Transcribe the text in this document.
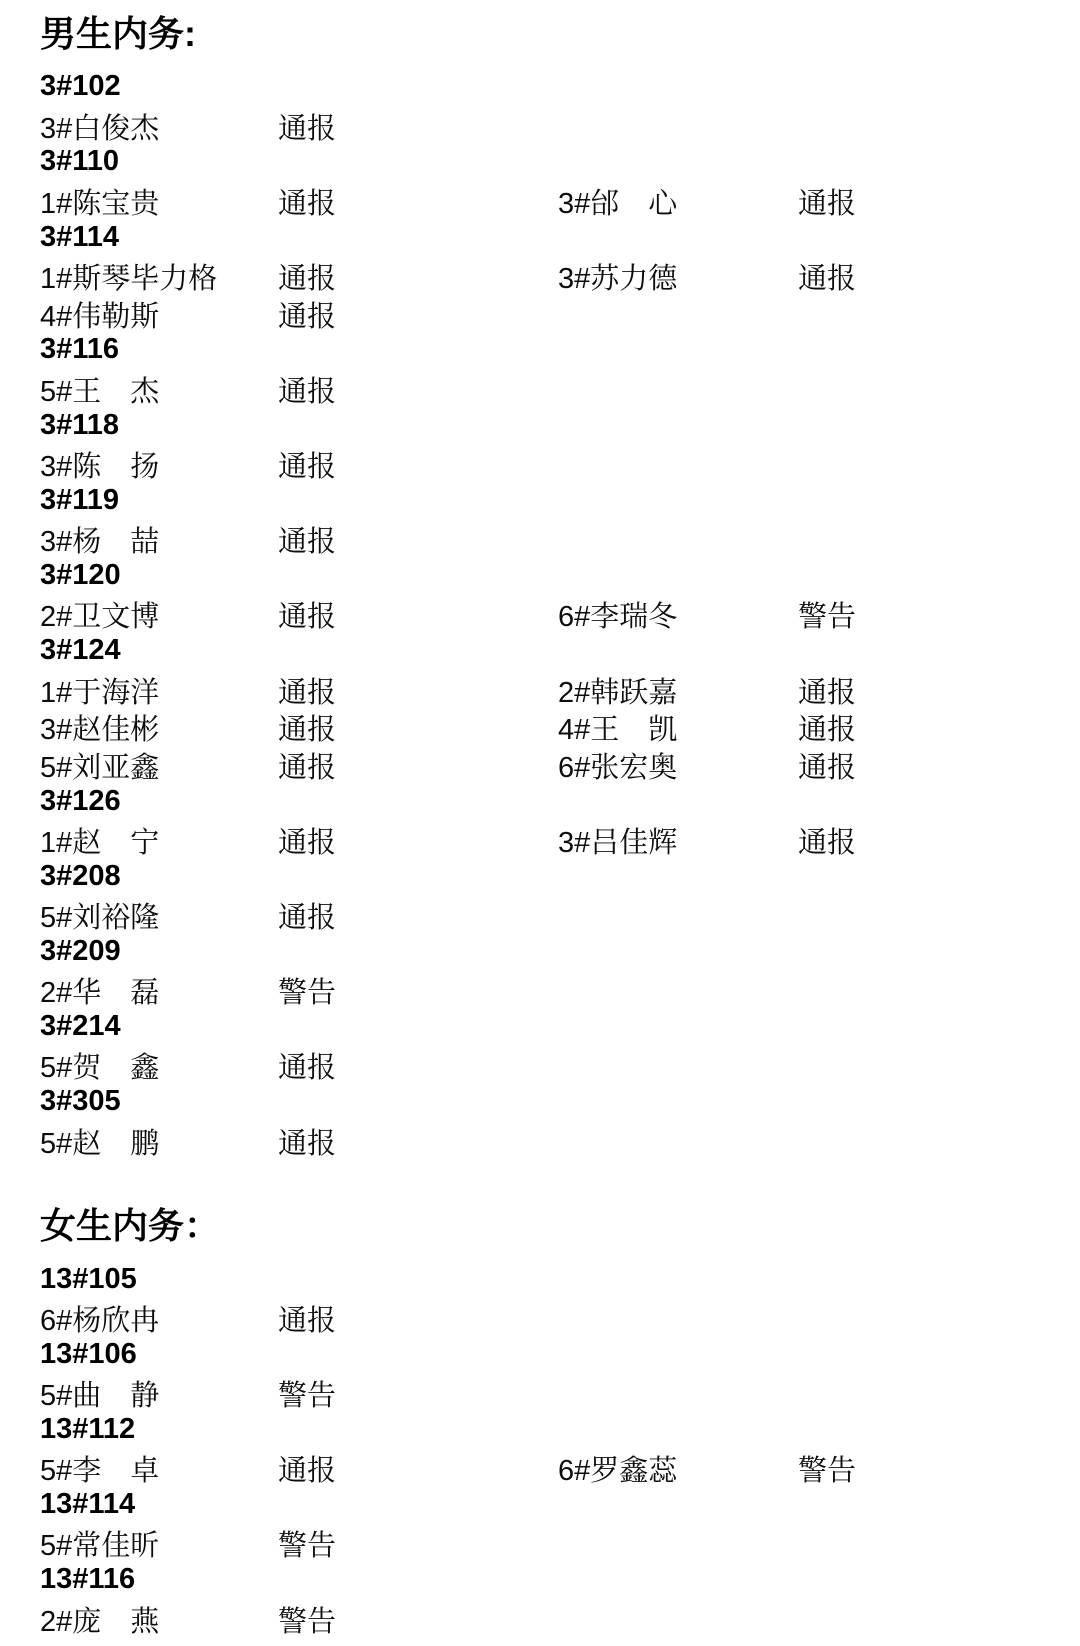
男生内务:
3#102
3#白俊杰	通报
3#110
1#陈宝贵	通报	3#邰　心	通报
3#114
1#斯琴毕力格	通报	3#苏力德	通报
4#伟勒斯	通报
3#116
5#王　杰	通报
3#118
3#陈　扬	通报
3#119
3#杨　喆	通报
3#120
2#卫文博	通报	6#李瑞冬	警告
3#124
1#于海洋	通报	2#韩跃嘉	通报
3#赵佳彬	通报	4#王　凯	通报
5#刘亚鑫	通报	6#张宏奥	通报
3#126
1#赵　宁	通报	3#吕佳辉	通报
3#208
5#刘裕隆	通报
3#209
2#华　磊	警告
3#214
5#贺　鑫	通报
3#305
5#赵　鹏	通报
女生内务：
13#105
6#杨欣冉	通报
13#106
5#曲　静	警告
13#112
5#李　卓	通报	6#罗鑫蕊	警告
13#114
5#常佳昕	警告
13#116
2#庞　燕	警告
